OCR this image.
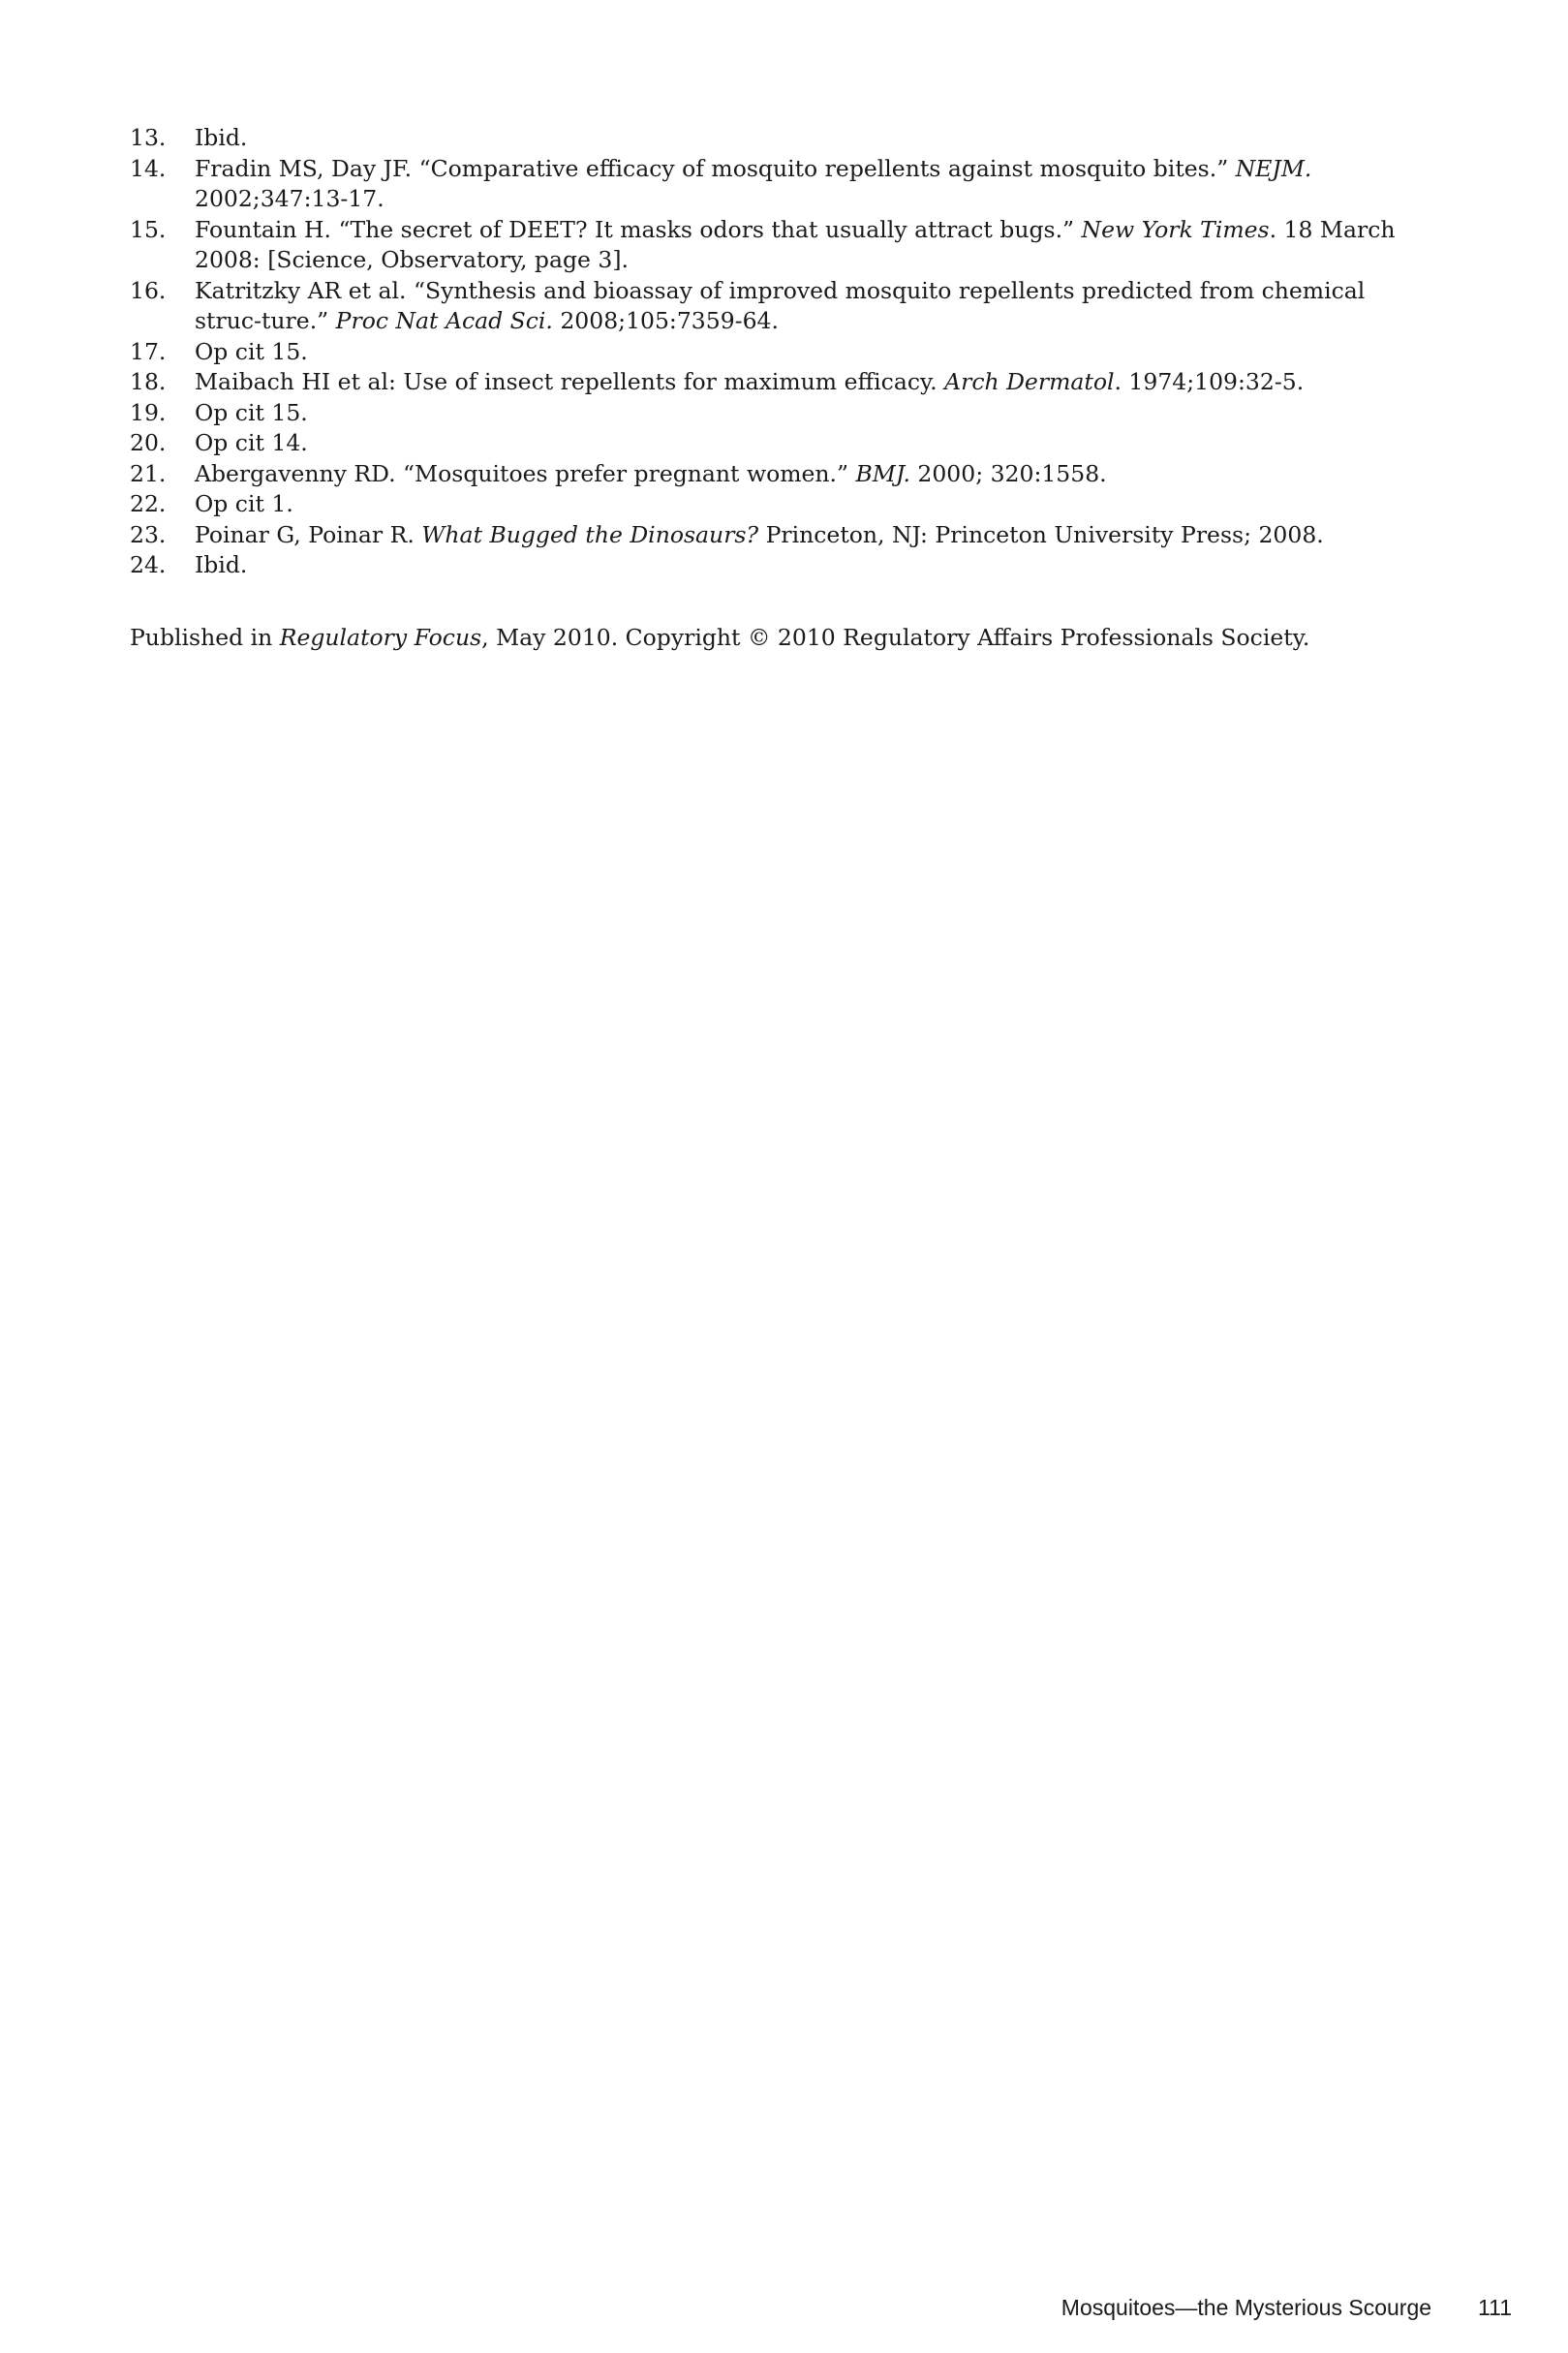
13.	Ibid.
14.	Fradin MS, Day JF. “Comparative efficacy of mosquito repellents against mosquito bites.” NEJM. 2002;347:13-17.
15.	Fountain H. “The secret of DEET? It masks odors that usually attract bugs.” New York Times. 18 March 2008: [Science, Observatory, page 3].
16.	Katritzky AR et al. “Synthesis and bioassay of improved mosquito repellents predicted from chemical struc-ture.” Proc Nat Acad Sci. 2008;105:7359-64.
17.	Op cit 15.
18.	Maibach HI et al: Use of insect repellents for maximum efficacy. Arch Dermatol. 1974;109:32-5.
19.	Op cit 15.
20.	Op cit 14.
21.	Abergavenny RD. “Mosquitoes prefer pregnant women.” BMJ. 2000; 320:1558.
22.	Op cit 1.
23.	Poinar G, Poinar R. What Bugged the Dinosaurs? Princeton, NJ: Princeton University Press; 2008.
24.	Ibid.

Published in Regulatory Focus, May 2010. Copyright © 2010 Regulatory Affairs Professionals Society.

Mosquitoes—the Mysterious Scourge 111
